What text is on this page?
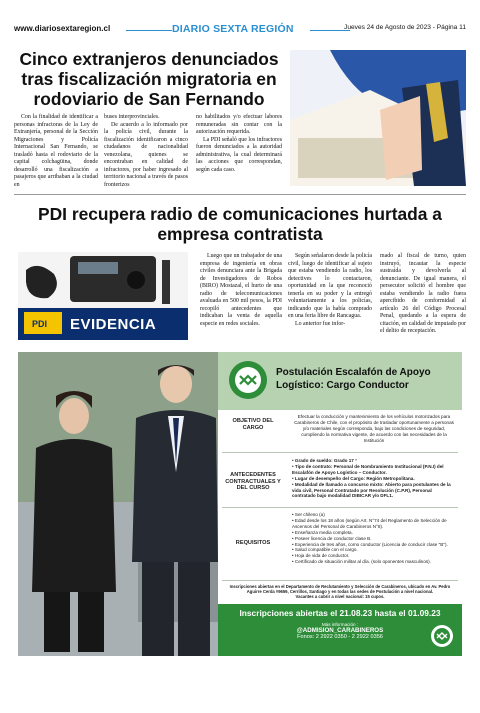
www.diariosextaregion.cl	DIARIO SEXTA REGIÓN	Jueves 24 de Agosto de 2023 - Página 11
Cinco extranjeros denunciados tras fiscalización migratoria en rodoviario de San Fernando

Con la finalidad de identificar a personas infractoras de la Ley de Extranjería, personal de la Sección Migraciones y Policía Internacional San Fernando, se trasladó hasta el rodoviario de la capital colchagüina, donde desarrolló una fiscalización a pasajeros que arribaban a la ciudad en

buses interprovinciales.

De acuerdo a lo informado por la policía civil, durante la fiscalización identificaron a cinco ciudadanos de nacionalidad venezolana, quienes se encontraban en calidad de infractores, por haber ingresado al territorio nacional a través de pasos fronterizos

no habilitados y/o efectuar labores remuneradas sin contar con la autorización requerida.

La PDI señaló que los infractores fueron denunciados a la autoridad administrativa, la cual determinará las acciones que correspondan, según cada caso.

PDI recupera radio de comunicaciones hurtada a empresa contratista
PDI EVIDENCIA

Luego que un trabajador de una empresa de ingeniería en obras civiles denunciara ante la Brigada de Investigadores de Robos (BIRO) Mostazal, el hurto de una radio de telecomunicaciones avaluada en 500 mil pesos, la PDI recopiló antecedentes que indicaban la venta de aquella especie en redes sociales.

Según señalaron desde la policía civil, luego de identificar al sujeto que estaba vendiendo la radio, los detectives lo contactaron, oportunidad en la que reconoció tenerla en su poder y la entregó voluntariamente a los policías, indicando que la había comprado en una feria libre de Rancagua.

Lo anterior fue infor-

mado al fiscal de turno, quien instruyó, incautar la especie sustraída y devolverla al denunciante. De igual manera, el persecutor solicitó el hombre que estaba vendiendo la radio fuera apercibido de conformidad al artículo 26 del Código Procesal Penal, quedando a la espera de citación, en calidad de imputado por el delito de receptación.

Postulación Escalafón de Apoyo
Logístico: Cargo Conductor
OBJETIVO DEL CARGO
Efectuar la conducción y mantenimiento de los vehículos motorizados para Carabineros de Chile, con el propósito de trasladar oportunamente a personas y/o materiales según corresponda, bajo las condiciones de seguridad, cumpliendo la normativa vigente, de acuerdo con las necesidades de la Institución
ANTECEDENTES CONTRACTUALES Y DEL CURSO
• Grado de sueldo: Grado 17 °
• Tipo de contrato: Personal de Nombramiento Institucional (P.N.I) del Escalafón de Apoyo Logístico – Conductor.
• Lugar de desempeño del Cargo: Región Metropolitana.
• Modalidad de llamado a concurso mixto: Abierto para postulantes de la vida civil, Personal Contratado por Resolución (C.P.R), Personal contratado bajo modalidad DIBICAR y/o DFL1.
REQUISITOS
• Ser chileno (a)
• Edad desde los 18 años (según Art. N°74 del Reglamento de Selección de Ascensos del Personal de Carabineros N°8).
• Enseñanza media completa.
• Poseer licencia de conductor clase B.
• Experiencia de tres años, como conductor (Licencia de conducir clase "B").
• Salud compatible con el cargo.
• Hoja de vida de conductor.
• Certificado de situación militar al día. (solo oponentes masculinos).
Inscripciones abiertas en el Departamento de Reclutamiento y Selección de Carabineros, ubicado en Av. Pedro Aguirre Cerda #9659, Cerrillos, Santiago y en todas las sedes de Postulación a nivel nacional.
Vacantes a cubrir a nivel nacional: 15 cupos.
Inscripciones abiertas el 21.08.23 hasta el 01.09.23
Más información :
@ADMISION_CARABINEROS
Fonos: 2 2922 0350 - 2 2922 0356
